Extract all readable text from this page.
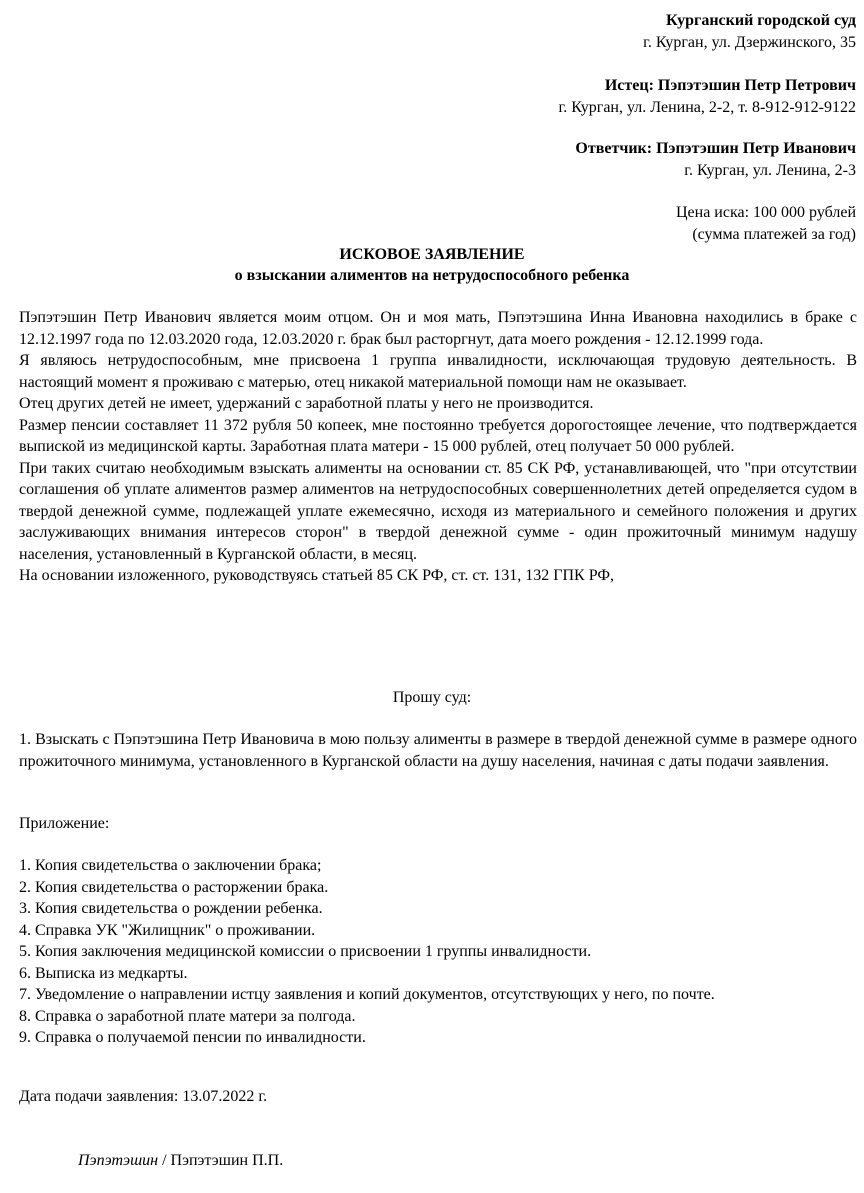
Курганский городской суд
г. Курган, ул. Дзержинского, 35
Истец: Пэпэтэшин Петр Петрович
г. Курган, ул. Ленина, 2-2, т. 8-912-912-9122
Ответчик: Пэпэтэшин Петр Иванович
г. Курган, ул. Ленина, 2-3
Цена иска: 100 000 рублей
(сумма платежей за год)
ИСКОВОЕ ЗАЯВЛЕНИЕ
о взыскании алиментов на нетрудоспособного ребенка

Пэпэтэшин Петр Иванович является моим отцом. Он и моя мать, Пэпэтэшина Инна Ивановна находились в браке с 12.12.1997 года по 12.03.2020 года, 12.03.2020 г. брак был расторгнут, дата моего рождения - 12.12.1999 года.

Я являюсь нетрудоспособным, мне присвоена 1 группа инвалидности, исключающая трудовую деятельность. В настоящий момент я проживаю с матерью, отец никакой материальной помощи нам не оказывает.

Отец других детей не имеет, удержаний с заработной платы у него не производится.

Размер пенсии составляет 11 372 рубля 50 копеек, мне постоянно требуется дорогостоящее лечение, что подтверждается выпиской из медицинской карты. Заработная плата матери - 15 000 рублей, отец получает 50 000 рублей.

При таких считаю необходимым взыскать алименты на основании ст. 85 СК РФ, устанавливающей, что "при отсутствии соглашения об уплате алиментов размер алиментов на нетрудоспособных совершеннолетних детей определяется судом в твердой денежной сумме, подлежащей уплате ежемесячно, исходя из материального и семейного положения и других заслуживающих внимания интересов сторон" в твердой денежной сумме - один прожиточный минимум надушу населения, установленный в Курганской области, в месяц.

На основании изложенного, руководствуясь статьей 85 СК РФ, ст. ст. 131, 132 ГПК РФ,

Прошу суд:
1. Взыскать с Пэпэтэшина Петр Ивановича в мою пользу алименты в размере в твердой денежной сумме в размере одного прожиточного минимума, установленного в Курганской области на душу населения, начиная с даты подачи заявления.
Приложение:
1. Копия свидетельства о заключении брака;
2. Копия свидетельства о расторжении брака.
3. Копия свидетельства о рождении ребенка.
4. Справка УК "Жилищник" о проживании.
5. Копия заключения медицинской комиссии о присвоении 1 группы инвалидности.
6. Выписка из медкарты.
7. Уведомление о направлении истцу заявления и копий документов, отсутствующих у него, по почте.
8. Справка о заработной плате матери за полгода.
9. Справка о получаемой пенсии по инвалидности.
Дата подачи заявления: 13.07.2022 г.
Пэпэтэшин / Пэпэтэшин П.П.
